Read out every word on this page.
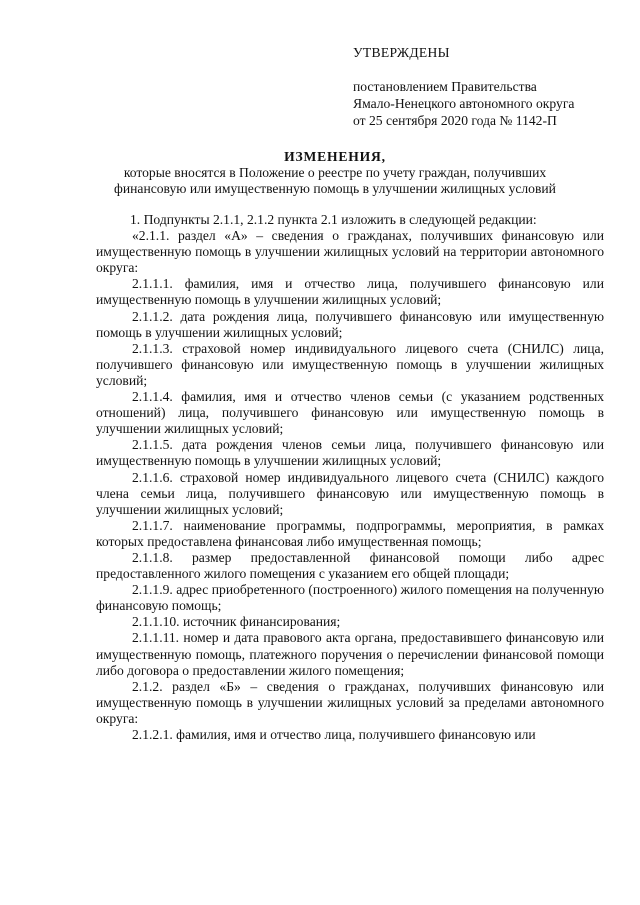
УТВЕРЖДЕНЫ

постановлением Правительства

Ямало-Ненецкого автономного округа

от 25 сентября 2020 года № 1142-П

ИЗМЕНЕНИЯ,

которые вносятся в Положение о реестре по учету граждан, получивших

финансовую или имущественную помощь в улучшении жилищных условий

1. Подпункты 2.1.1, 2.1.2 пункта 2.1 изложить в следующей редакции:

«2.1.1. раздел «А» – сведения о гражданах, получивших финансовую или имущественную помощь в улучшении жилищных условий на территории автономного округа:

2.1.1.1. фамилия, имя и отчество лица, получившего финансовую или имущественную помощь в улучшении жилищных условий;

2.1.1.2. дата рождения лица, получившего финансовую или имущественную помощь в улучшении жилищных условий;

2.1.1.3. страховой номер индивидуального лицевого счета (СНИЛС) лица, получившего финансовую или имущественную помощь в улучшении жилищных условий;

2.1.1.4. фамилия, имя и отчество членов семьи (с указанием родственных отношений) лица, получившего финансовую или имущественную помощь в улучшении жилищных условий;

2.1.1.5. дата рождения членов семьи лица, получившего финансовую или имущественную помощь в улучшении жилищных условий;

2.1.1.6. страховой номер индивидуального лицевого счета (СНИЛС) каждого члена семьи лица, получившего финансовую или имущественную помощь в улучшении жилищных условий;

2.1.1.7. наименование программы, подпрограммы, мероприятия, в рамках которых предоставлена финансовая либо имущественная помощь;

2.1.1.8. размер предоставленной финансовой помощи либо адрес предоставленного жилого помещения с указанием его общей площади;

2.1.1.9. адрес приобретенного (построенного) жилого помещения на полученную финансовую помощь;

2.1.1.10. источник финансирования;

2.1.1.11. номер и дата правового акта органа, предоставившего финансовую или имущественную помощь, платежного поручения о перечислении финансовой помощи либо договора о предоставлении жилого помещения;

2.1.2. раздел «Б» – сведения о гражданах, получивших финансовую или имущественную помощь в улучшении жилищных условий за пределами автономного округа:

2.1.2.1. фамилия, имя и отчество лица, получившего финансовую или
